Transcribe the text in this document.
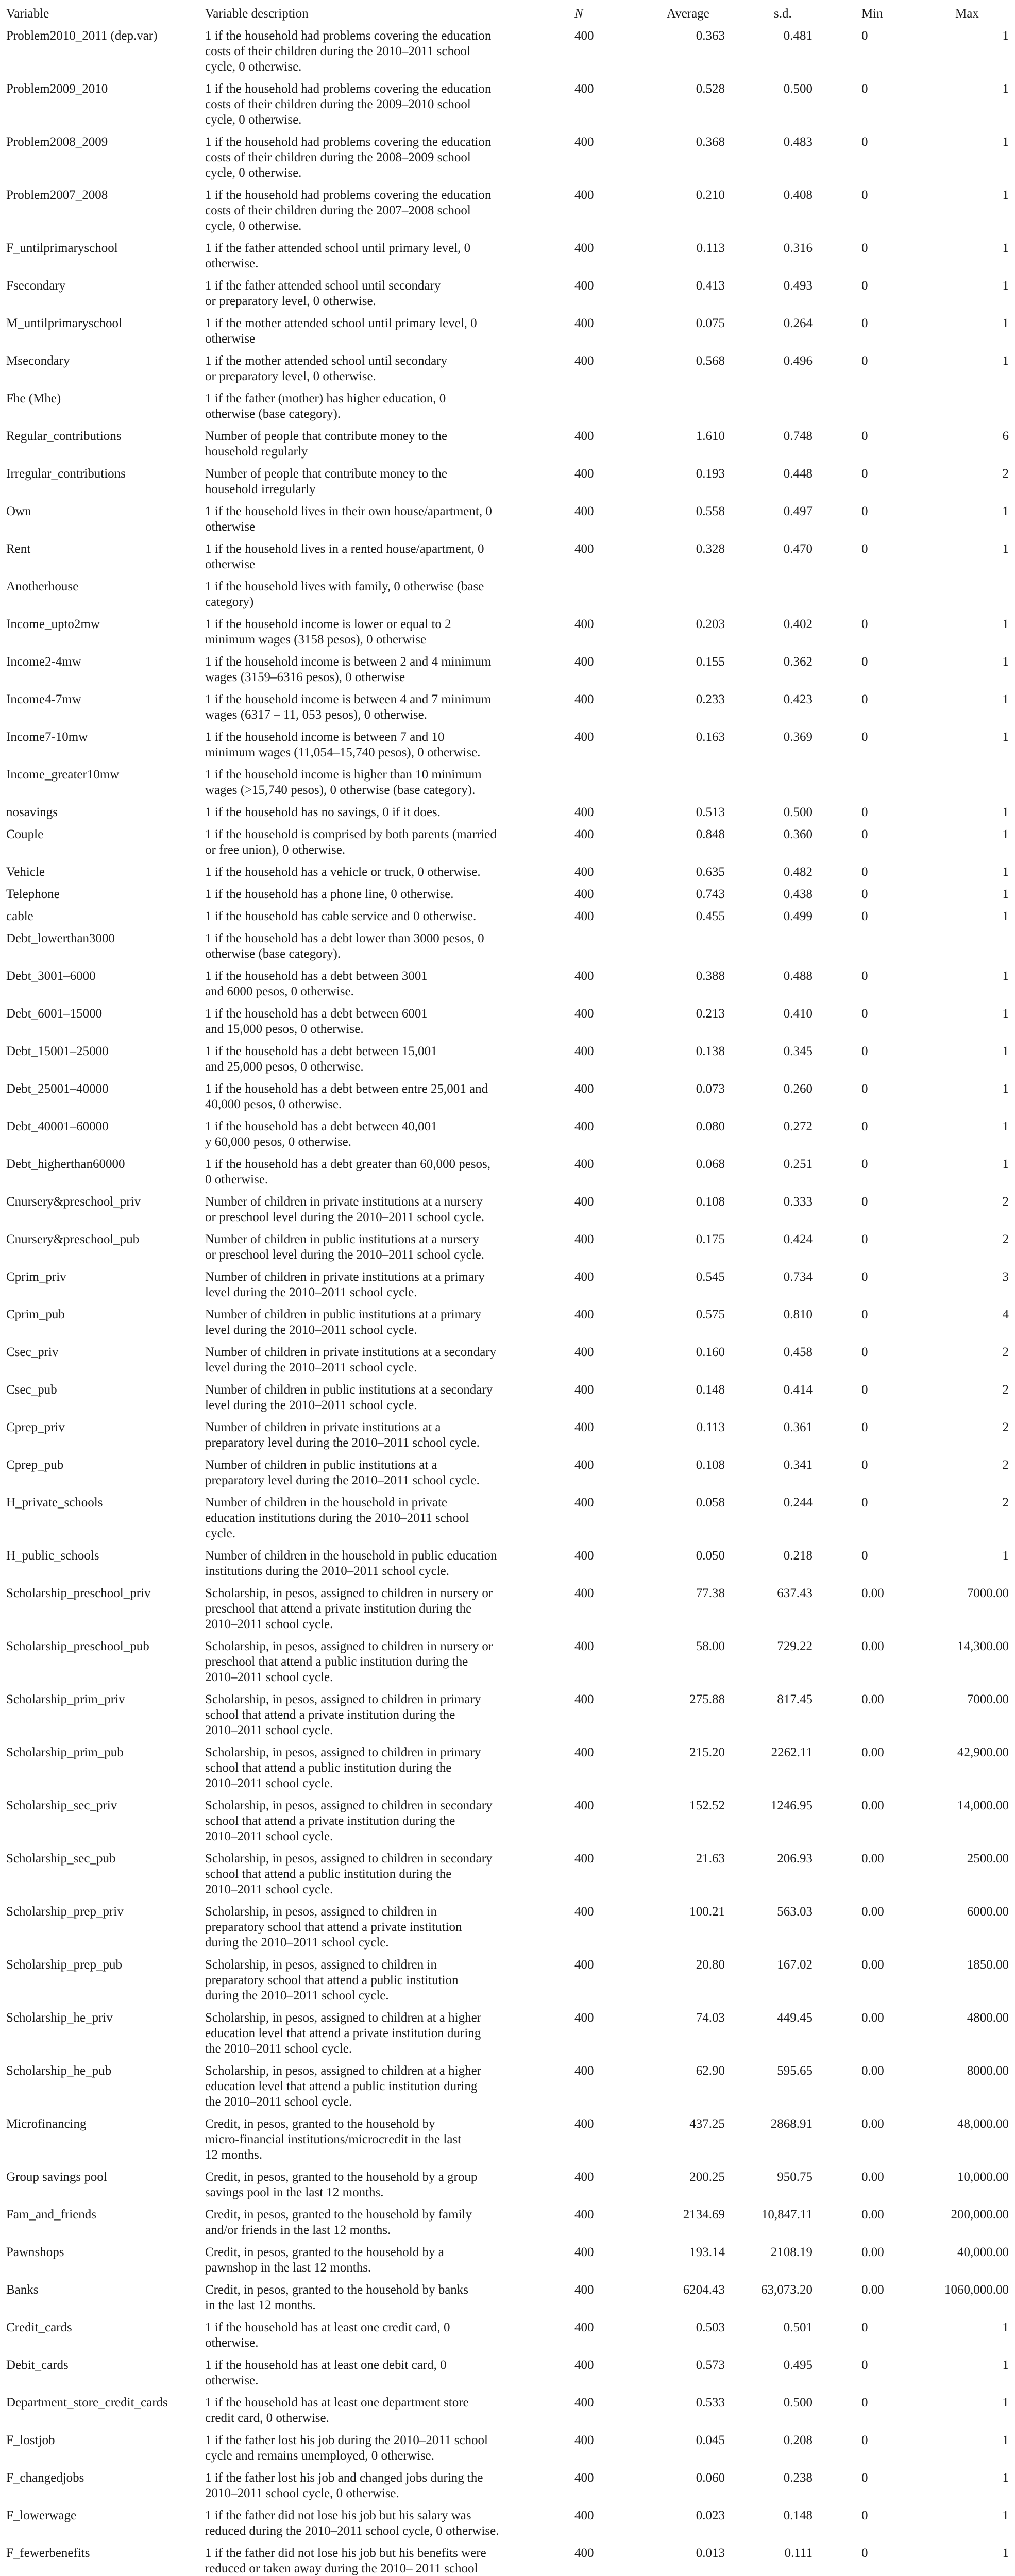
Variable	Variable description	N	Average	s.d.	Min	Max
Problem2010_2011 (dep.var)	1 if the household had problems covering the education
costs of their children during the 2010–2011 school
cycle, 0 otherwise.	400	0.363	0.481	0	1
Problem2009_2010	1 if the household had problems covering the education
costs of their children during the 2009–2010 school
cycle, 0 otherwise.	400	0.528	0.500	0	1
Problem2008_2009	1 if the household had problems covering the education
costs of their children during the 2008–2009 school
cycle, 0 otherwise.	400	0.368	0.483	0	1
Problem2007_2008	1 if the household had problems covering the education
costs of their children during the 2007–2008 school
cycle, 0 otherwise.	400	0.210	0.408	0	1
F_untilprimaryschool	1 if the father attended school until primary level, 0
otherwise.	400	0.113	0.316	0	1
Fsecondary	1 if the father attended school until secondary
or preparatory level, 0 otherwise.	400	0.413	0.493	0	1
M_untilprimaryschool	1 if the mother attended school until primary level, 0
otherwise	400	0.075	0.264	0	1
Msecondary	1 if the mother attended school until secondary
or preparatory level, 0 otherwise.	400	0.568	0.496	0	1
Fhe (Mhe)	1 if the father (mother) has higher education, 0
otherwise (base category).					

Regular_contributions	Number of people that contribute money to the
household regularly	400	1.610	0.748	0	6
Irregular_contributions	Number of people that contribute money to the
household irregularly	400	0.193	0.448	0	2
Own	1 if the household lives in their own house/apartment, 0
otherwise	400	0.558	0.497	0	1
Rent	1 if the household lives in a rented house/apartment, 0
otherwise	400	0.328	0.470	0	1
Anotherhouse	1 if the household lives with family, 0 otherwise (base
category)					

Income_upto2mw	1 if the household income is lower or equal to 2
minimum wages (3158 pesos), 0 otherwise	400	0.203	0.402	0	1
Income2-4mw	1 if the household income is between 2 and 4 minimum
wages (3159–6316 pesos), 0 otherwise	400	0.155	0.362	0	1
Income4-7mw	1 if the household income is between 4 and 7 minimum
wages (6317 – 11, 053 pesos), 0 otherwise.	400	0.233	0.423	0	1
Income7-10mw	1 if the household income is between 7 and 10
minimum wages (11,054–15,740 pesos), 0 otherwise.	400	0.163	0.369	0	1
Income_greater10mw	1 if the household income is higher than 10 minimum
wages (>15,740 pesos), 0 otherwise (base category).					

nosavings	1 if the household has no savings, 0 if it does.	400	0.513	0.500	0	1
Couple	1 if the household is comprised by both parents (married
or free union), 0 otherwise.	400	0.848	0.360	0	1
Vehicle	1 if the household has a vehicle or truck, 0 otherwise.	400	0.635	0.482	0	1
Telephone	1 if the household has a phone line, 0 otherwise.	400	0.743	0.438	0	1
cable	1 if the household has cable service and 0 otherwise.	400	0.455	0.499	0	1
Debt_lowerthan3000	1 if the household has a debt lower than 3000 pesos, 0
otherwise (base category).					

Debt_3001–6000	1 if the household has a debt between 3001
and 6000 pesos, 0 otherwise.	400	0.388	0.488	0	1
Debt_6001–15000	1 if the household has a debt between 6001
and 15,000 pesos, 0 otherwise.	400	0.213	0.410	0	1
Debt_15001–25000	1 if the household has a debt between 15,001
and 25,000 pesos, 0 otherwise.	400	0.138	0.345	0	1
Debt_25001–40000	1 if the household has a debt between entre 25,001 and
40,000 pesos, 0 otherwise.	400	0.073	0.260	0	1
Debt_40001–60000	1 if the household has a debt between 40,001
y 60,000 pesos, 0 otherwise.	400	0.080	0.272	0	1
Debt_higherthan60000	1 if the household has a debt greater than 60,000 pesos,
0 otherwise.	400	0.068	0.251	0	1
Cnursery&preschool_priv	Number of children in private institutions at a nursery
or preschool level during the 2010–2011 school cycle.	400	0.108	0.333	0	2
Cnursery&preschool_pub	Number of children in public institutions at a nursery
or preschool level during the 2010–2011 school cycle.	400	0.175	0.424	0	2
Cprim_priv	Number of children in private institutions at a primary
level during the 2010–2011 school cycle.	400	0.545	0.734	0	3
Cprim_pub	Number of children in public institutions at a primary
level during the 2010–2011 school cycle.	400	0.575	0.810	0	4
Csec_priv	Number of children in private institutions at a secondary
level during the 2010–2011 school cycle.	400	0.160	0.458	0	2
Csec_pub	Number of children in public institutions at a secondary
level during the 2010–2011 school cycle.	400	0.148	0.414	0	2
Cprep_priv	Number of children in private institutions at a
preparatory level during the 2010–2011 school cycle.	400	0.113	0.361	0	2
Cprep_pub	Number of children in public institutions at a
preparatory level during the 2010–2011 school cycle.	400	0.108	0.341	0	2
H_private_schools	Number of children in the household in private
education institutions during the 2010–2011 school
cycle.	400	0.058	0.244	0	2
H_public_schools	Number of children in the household in public education
institutions during the 2010–2011 school cycle.	400	0.050	0.218	0	1
Scholarship_preschool_priv	Scholarship, in pesos, assigned to children in nursery or
preschool that attend a private institution during the
2010–2011 school cycle.	400	77.38	637.43	0.00	7000.00
Scholarship_preschool_pub	Scholarship, in pesos, assigned to children in nursery or
preschool that attend a public institution during the
2010–2011 school cycle.	400	58.00	729.22	0.00	14,300.00
Scholarship_prim_priv	Scholarship, in pesos, assigned to children in primary
school that attend a private institution during the
2010–2011 school cycle.	400	275.88	817.45	0.00	7000.00
Scholarship_prim_pub	Scholarship, in pesos, assigned to children in primary
school that attend a public institution during the
2010–2011 school cycle.	400	215.20	2262.11	0.00	42,900.00
Scholarship_sec_priv	Scholarship, in pesos, assigned to children in secondary
school that attend a private institution during the
2010–2011 school cycle.	400	152.52	1246.95	0.00	14,000.00
Scholarship_sec_pub	Scholarship, in pesos, assigned to children in secondary
school that attend a public institution during the
2010–2011 school cycle.	400	21.63	206.93	0.00	2500.00
Scholarship_prep_priv	Scholarship, in pesos, assigned to children in
preparatory school that attend a private institution
during the 2010–2011 school cycle.	400	100.21	563.03	0.00	6000.00
Scholarship_prep_pub	Scholarship, in pesos, assigned to children in
preparatory school that attend a public institution
during the 2010–2011 school cycle.	400	20.80	167.02	0.00	1850.00
Scholarship_he_priv	Scholarship, in pesos, assigned to children at a higher
education level that attend a private institution during
the 2010–2011 school cycle.	400	74.03	449.45	0.00	4800.00
Scholarship_he_pub	Scholarship, in pesos, assigned to children at a higher
education level that attend a public institution during
the 2010–2011 school cycle.	400	62.90	595.65	0.00	8000.00
Microfinancing	Credit, in pesos, granted to the household by
micro-financial institutions/microcredit in the last
12 months.	400	437.25	2868.91	0.00	48,000.00
Group savings pool	Credit, in pesos, granted to the household by a group
savings pool in the last 12 months.	400	200.25	950.75	0.00	10,000.00
Fam_and_friends	Credit, in pesos, granted to the household by family
and/or friends in the last 12 months.	400	2134.69	10,847.11	0.00	200,000.00
Pawnshops	Credit, in pesos, granted to the household by a
pawnshop in the last 12 months.	400	193.14	2108.19	0.00	40,000.00
Banks	Credit, in pesos, granted to the household by banks
in the last 12 months.	400	6204.43	63,073.20	0.00	1060,000.00
Credit_cards	1 if the household has at least one credit card, 0
otherwise.	400	0.503	0.501	0	1
Debit_cards	1 if the household has at least one debit card, 0
otherwise.	400	0.573	0.495	0	1
Department_store_credit_cards	1 if the household has at least one department store
credit card, 0 otherwise.	400	0.533	0.500	0	1
F_lostjob	1 if the father lost his job during the 2010–2011 school
cycle and remains unemployed, 0 otherwise.	400	0.045	0.208	0	1
F_changedjobs	1 if the father lost his job and changed jobs during the
2010–2011 school cycle, 0 otherwise.	400	0.060	0.238	0	1
F_lowerwage	1 if the father did not lose his job but his salary was
reduced during the 2010–2011 school cycle, 0 otherwise.	400	0.023	0.148	0	1
F_fewerbenefits	1 if the father did not lose his job but his benefits were
reduced or taken away during the 2010– 2011 school	400	0.013	0.111	0	1
